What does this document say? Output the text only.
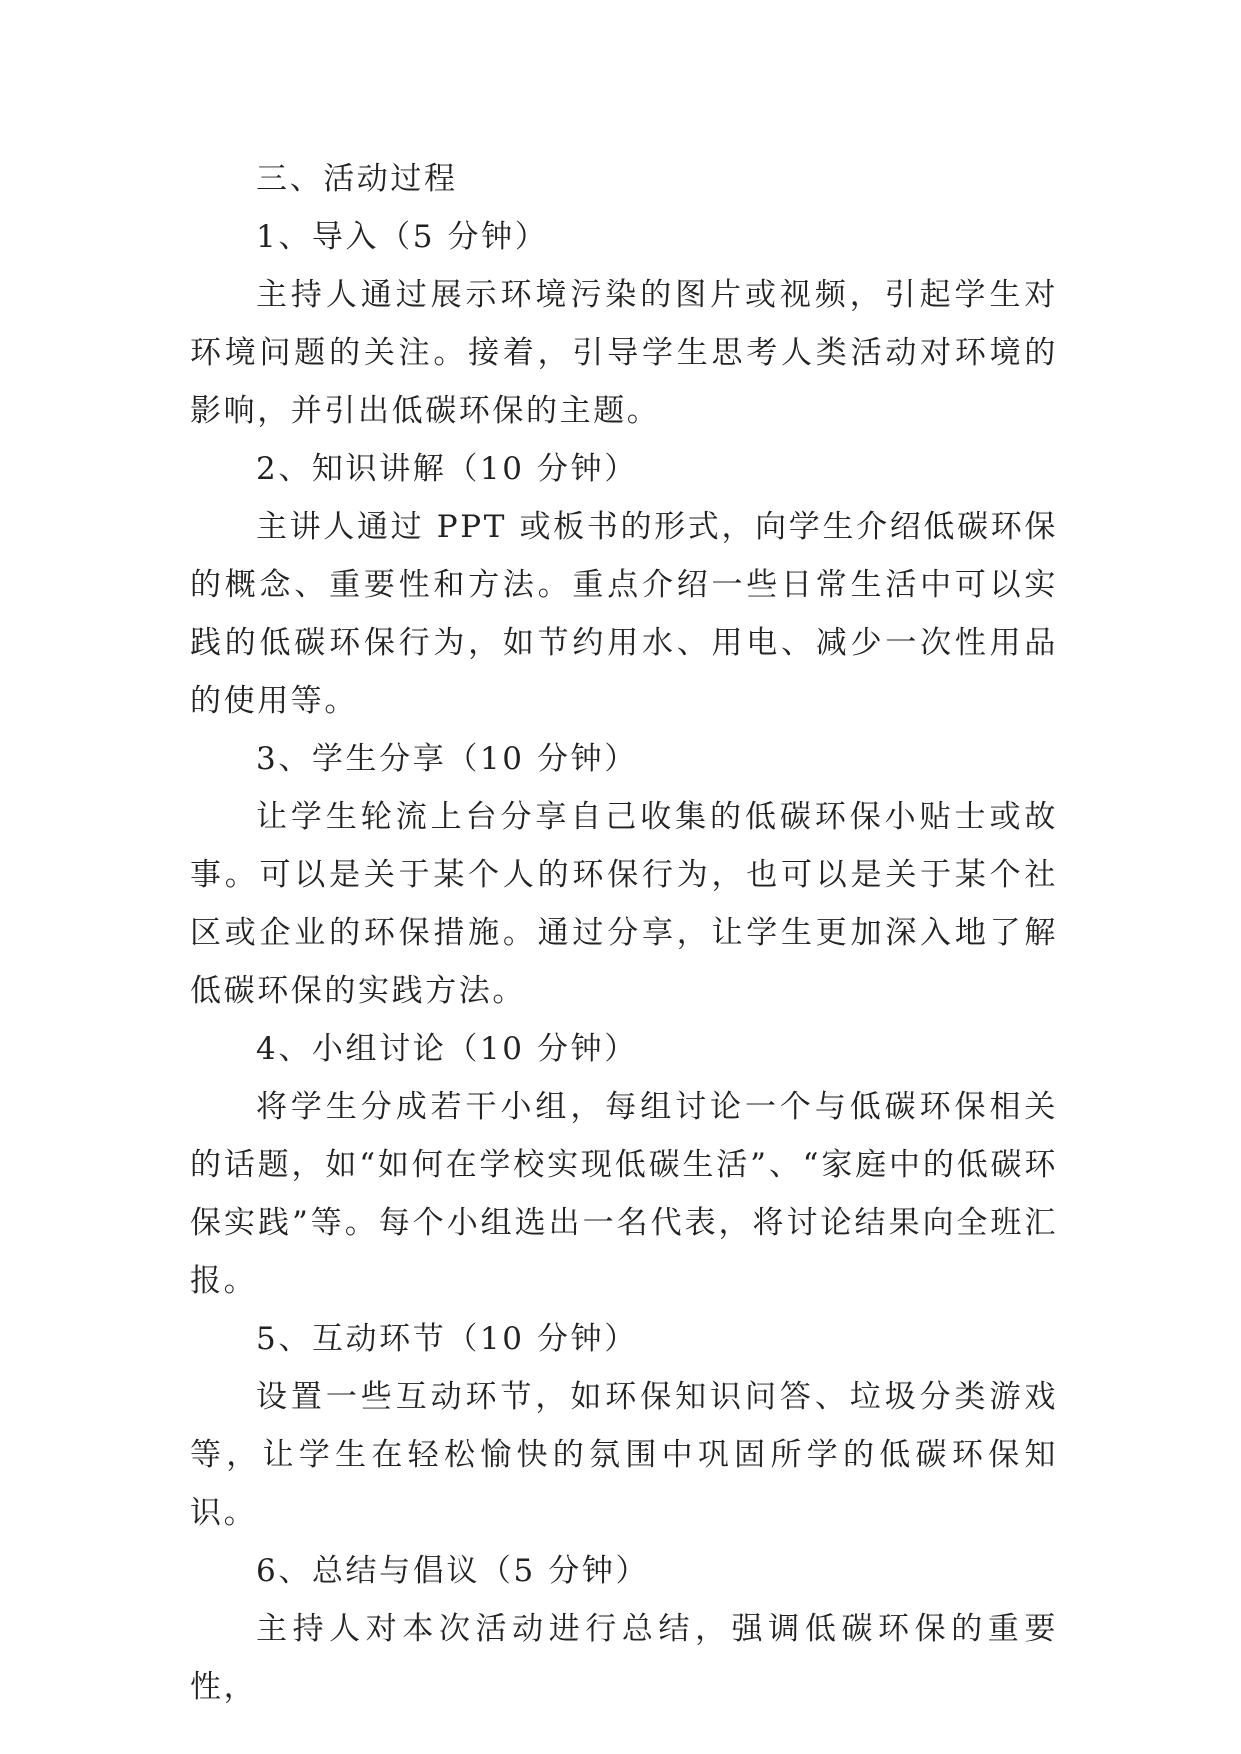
三、活动过程

1、导入（5 分钟）

主持人通过展示环境污染的图片或视频，引起学生对环境问题的关注。接着，引导学生思考人类活动对环境的影响，并引出低碳环保的主题。

2、知识讲解（10 分钟）

主讲人通过 PPT 或板书的形式，向学生介绍低碳环保的概念、重要性和方法。重点介绍一些日常生活中可以实践的低碳环保行为，如节约用水、用电、减少一次性用品的使用等。

3、学生分享（10 分钟）

让学生轮流上台分享自己收集的低碳环保小贴士或故事。可以是关于某个人的环保行为，也可以是关于某个社区或企业的环保措施。通过分享，让学生更加深入地了解低碳环保的实践方法。

4、小组讨论（10 分钟）

将学生分成若干小组，每组讨论一个与低碳环保相关的话题，如“如何在学校实现低碳生活”、“家庭中的低碳环保实践”等。每个小组选出一名代表，将讨论结果向全班汇报。

5、互动环节（10 分钟）

设置一些互动环节，如环保知识问答、垃圾分类游戏等，让学生在轻松愉快的氛围中巩固所学的低碳环保知识。

6、总结与倡议（5 分钟）

主持人对本次活动进行总结，强调低碳环保的重要性，
